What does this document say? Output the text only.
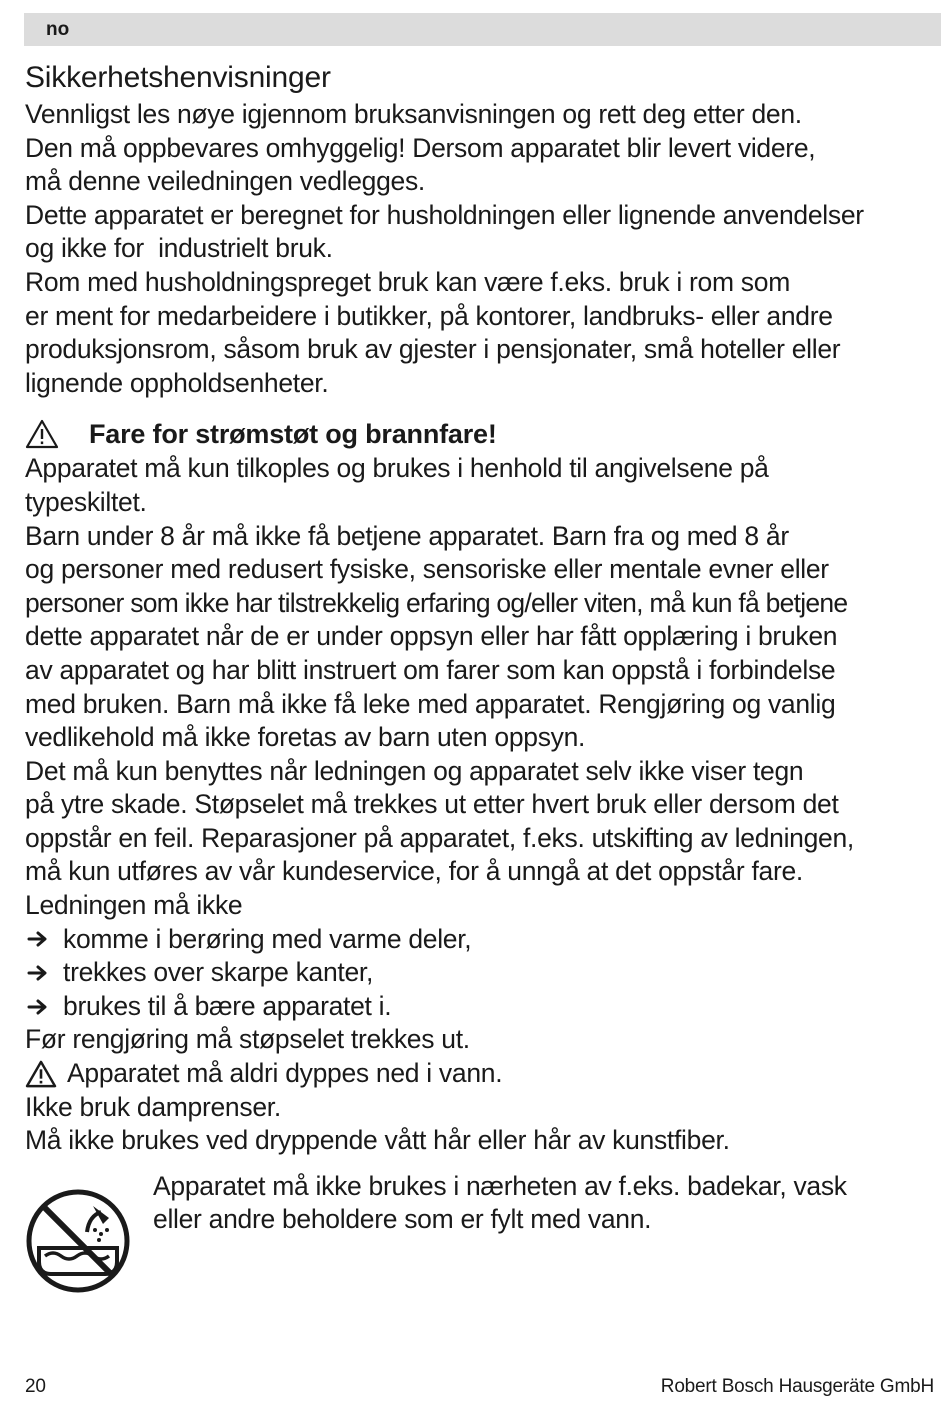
no
Sikkerhetshenvisninger

Vennligst les nøye igjennom bruksanvisningen og rett deg etter den.

Den må oppbevares omhyggelig! Dersom apparatet blir levert videre,

må denne veiledningen vedlegges.

Dette apparatet er beregnet for husholdningen eller lignende anvendelser

og ikke for  industrielt bruk.

Rom med husholdningspreget bruk kan være f.eks. bruk i rom som

er ment for medarbeidere i butikker, på kontorer, landbruks- eller andre

produksjonsrom, såsom bruk av gjester i pensjonater, små hoteller eller

lignende oppholdsenheter.

Fare for strømstøt og brannfare!

Apparatet må kun tilkoples og brukes i henhold til angivelsene på

typeskiltet.

Barn under 8 år må ikke få betjene apparatet. Barn fra og med 8 år

og personer med redusert fysiske, sensoriske eller mentale evner eller

personer som ikke har tilstrekkelig erfaring og/eller viten, må kun få betjene

dette apparatet når de er under oppsyn eller har fått opplæring i bruken

av apparatet og har blitt instruert om farer som kan oppstå i forbindelse

med bruken. Barn må ikke få leke med apparatet. Rengjøring og vanlig

vedlikehold må ikke foretas av barn uten oppsyn.

Det må kun benyttes når ledningen og apparatet selv ikke viser tegn

på ytre skade. Støpselet må trekkes ut etter hvert bruk eller dersom det

oppstår en feil. Reparasjoner på apparatet, f.eks. utskifting av ledningen,

må kun utføres av vår kundeservice, for å unngå at det oppstår fare.

Ledningen må ikke

komme i berøring med varme deler,

trekkes over skarpe kanter,

brukes til å bære apparatet i.

Før rengjøring må støpselet trekkes ut.

Apparatet må aldri dyppes ned i vann.

Ikke bruk damprenser.

Må ikke brukes ved dryppende vått hår eller hår av kunstfiber.

Apparatet må ikke brukes i nærheten av f.eks. badekar, vask

eller andre beholdere som er fylt med vann.

20	Robert Bosch Hausgeräte GmbH
